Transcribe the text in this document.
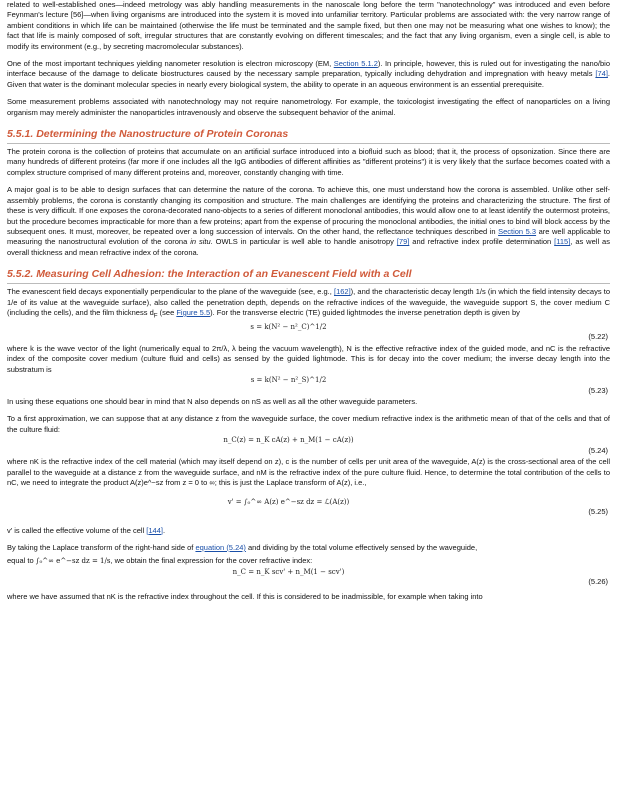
related to well-established ones—indeed metrology was ably handling measurements in the nanoscale long before the term "nanotechnology" was introduced and even before Feynman's lecture [56]—when living organisms are introduced into the system it is moved into unfamiliar territory. Particular problems are associated with: the very narrow range of ambient conditions in which life can be maintained (otherwise the life must be terminated and the sample fixed, but then one may not be measuring what one wishes to know); the fact that life is mainly composed of soft, irregular structures that are constantly evolving on different timescales; and the fact that any living organism, even a single cell, is able to modify its environment (e.g., by secreting macromolecular substances).

One of the most important techniques yielding nanometer resolution is electron microscopy (EM, Section 5.1.2). In principle, however, this is ruled out for investigating the nano/bio interface because of the damage to delicate biostructures caused by the necessary sample preparation, typically including dehydration and impregnation with heavy metals [74]. Given that water is the dominant molecular species in nearly every biological system, the ability to operate in an aqueous environment is an essential prerequisite.

Some measurement problems associated with nanotechnology may not require nanometrology. For example, the toxicologist investigating the effect of nanoparticles on a living organism may merely administer the nanoparticles intravenously and observe the subsequent behavior of the animal.

5.5.1. Determining the Nanostructure of Protein Coronas

The protein corona is the collection of proteins that accumulate on an artificial surface introduced into a biofluid such as blood; that it, the process of opsonization. Since there are many hundreds of different proteins (far more if one includes all the IgG antibodies of different affinities as "different proteins") it is very likely that the surface becomes coated with a complex structure comprised of many different proteins and, moreover, constantly changing with time.

A major goal is to be able to design surfaces that can determine the nature of the corona. To achieve this, one must understand how the corona is assembled. Unlike other self-assembly problems, the corona is constantly changing its composition and structure. The main challenges are identifying the proteins and characterizing the structure. The first of these is very difficult. If one exposes the corona-decorated nano-objects to a series of different monoclonal antibodies, this would allow one to at least identify the outermost proteins, but the procedure becomes impracticable for more than a few proteins; apart from the expense of procuring the monoclonal antibodies, the initial ones to bind will block access by the subsequent ones. It must, moreover, be repeated over a long succession of intervals. On the other hand, the reflectance techniques described in Section 5.3 are well applicable to measuring the nanostructural evolution of the corona in situ. OWLS in particular is well able to handle anisotropy [79] and refractive index profile determination [115], as well as overall thickness and mean refractive index of the corona.

5.5.2. Measuring Cell Adhesion: the Interaction of an Evanescent Field with a Cell

The evanescent field decays exponentially perpendicular to the plane of the waveguide (see, e.g., [162]), and the characteristic decay length 1/s (in which the field intensity decays to 1/e of its value at the waveguide surface), also called the penetration depth, depends on the refractive indices of the waveguide, the waveguide support S, the cover medium C (including the cells), and the film thickness $d_F$ (see Figure 5.5). For the transverse electric (TE) guided lightmodes the inverse penetration depth is given by

s = k(N² − n²_C)^1/2
(5.22)

where k is the wave vector of the light (numerically equal to 2π/λ, λ being the vacuum wavelength), N is the effective refractive index of the guided mode, and nC is the refractive index of the composite cover medium (culture fluid and cells) as sensed by the guided lightmode. This is for decay into the cover medium; the inverse decay length into the substratum is

s = k(N² − n²_S)^1/2
(5.23)

In using these equations one should bear in mind that N also depends on nS as well as all the other waveguide parameters.

To a first approximation, we can suppose that at any distance z from the waveguide surface, the cover medium refractive index is the arithmetic mean of that of the cells and that of the culture fluid:

n_C(z) = n_K cA(z) + n_M(1 − cA(z))
(5.24)

where nK is the refractive index of the cell material (which may itself depend on z), c is the number of cells per unit area of the waveguide, A(z) is the cross-sectional area of the cell parallel to the waveguide at a distance z from the waveguide surface, and nM is the refractive index of the pure culture fluid. Hence, to determine the total contribution of the cells to nC, we need to integrate the product A(z)e^−sz from z = 0 to ∞; this is just the Laplace transform of A(z), i.e.,

v' = ∫₀^∞ A(z) e^−sz dz = ℒ(A(z))
(5.25)

v' is called the effective volume of the cell [144].

By taking the Laplace transform of the right-hand side of equation (5.24) and dividing by the total volume effectively sensed by the waveguide,

equal to ∫₀^∞ e^−sz dz = 1/s, we obtain the final expression for the cover refractive index:

n_C = n_K scv' + n_M(1 − scv')
(5.26)

where we have assumed that nK is the refractive index throughout the cell. If this is considered to be inadmissible, for example when taking into
